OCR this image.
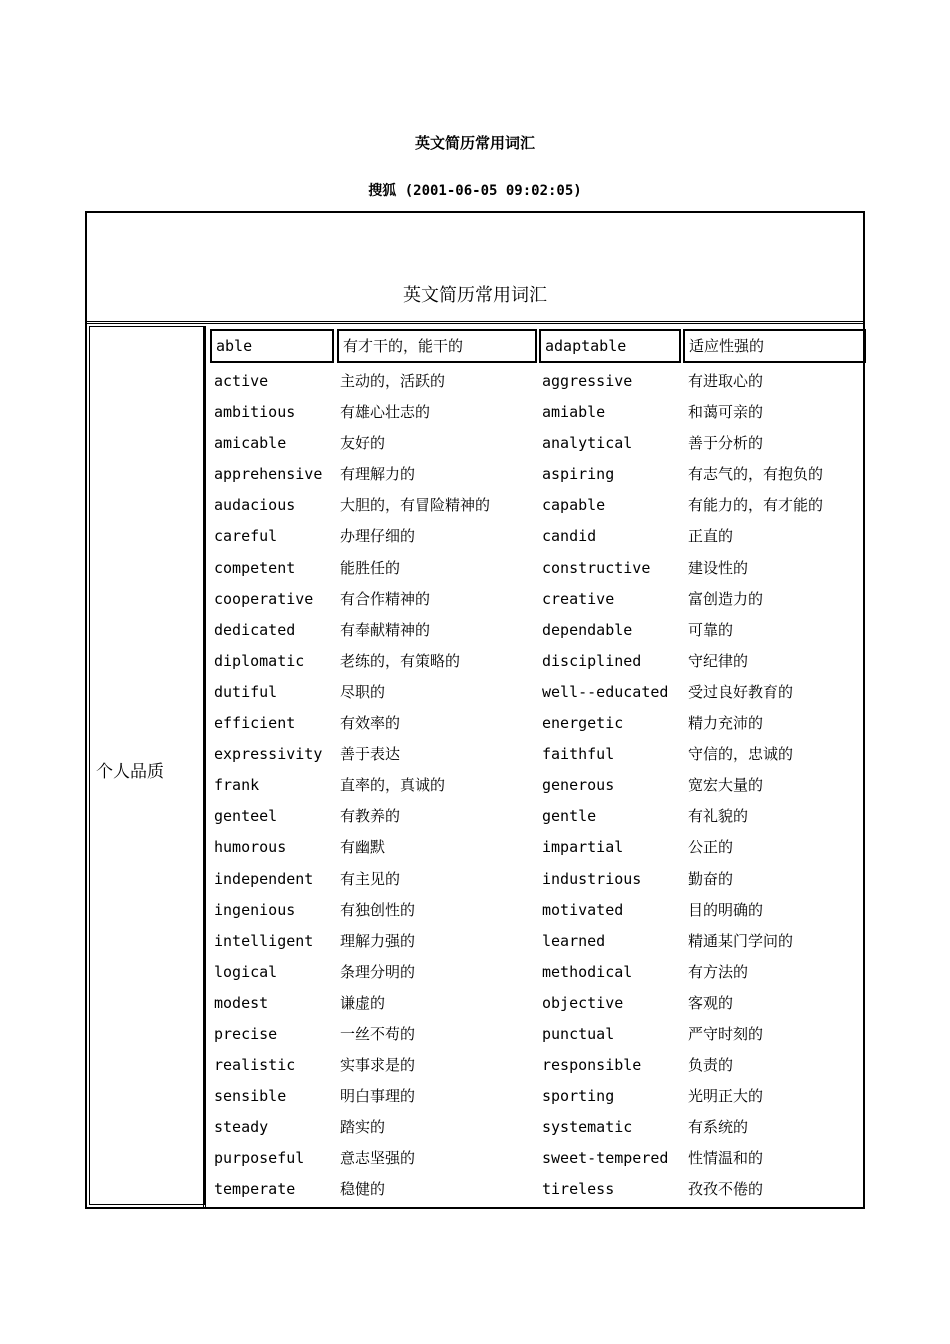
英文简历常用词汇
搜狐 (2001-06-05 09:02:05)
英文简历常用词汇
个人品质
able	有才干的，能干的	adaptable	适应性强的
active	主动的，活跃的	aggressive	有进取心的
ambitious	有雄心壮志的	amiable	和蔼可亲的
amicable	友好的	analytical	善于分析的
apprehensive 有理解力的	aspiring	有志气的，有抱负的
audacious	大胆的，有冒险精神的	capable	有能力的，有才能的
careful	办理仔细的	candid	正直的
competent	能胜任的	constructive	建设性的
cooperative 有合作精神的	creative	富创造力的
dedicated	有奉献精神的	dependable	可靠的
diplomatic 老练的，有策略的	disciplined	守纪律的
dutiful	尽职的	well--educated 受过良好教育的
efficient	有效率的	energetic	精力充沛的
expressivity 善于表达	faithful	守信的，忠诚的
frank	直率的，真诚的	generous	宽宏大量的
genteel	有教养的	gentle	有礼貌的
humorous	有幽默	impartial	公正的
independent 有主见的	industrious	勤奋的
ingenious	有独创性的	motivated	目的明确的
intelligent 理解力强的	learned	精通某门学问的
logical	条理分明的	methodical	有方法的
modest	谦虚的	objective	客观的
precise	一丝不苟的	punctual	严守时刻的
realistic	实事求是的	responsible	负责的
sensible	明白事理的	sporting	光明正大的
steady	踏实的	systematic	有系统的
purposeful 意志坚强的	sweet-tempered 性情温和的
temperate	稳健的	tireless	孜孜不倦的
